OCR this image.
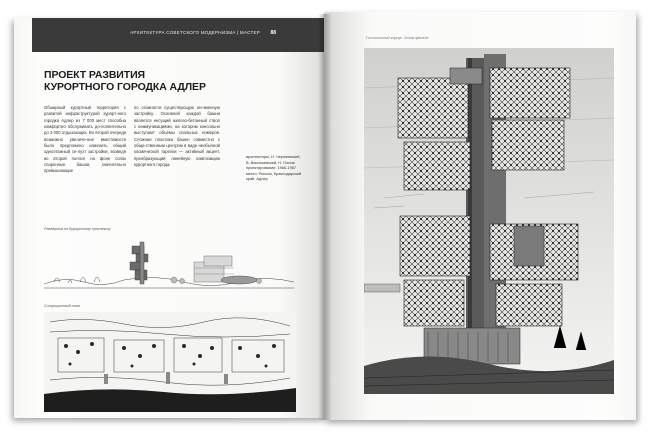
АРХИТЕКТУРА СОВЕТСКОГО МОДЕРНИЗМА | МАСТЕР 88
ПРОЕКТ РАЗВИТИЯ
КУРОРТНОГО ГОРОДКА АДЛЕР
Обширный курортный территория с развитой инфраструктурой курорт-ного городка Адлер из 7 000 мест способна комфортно обслуживать до-полнительно до 3 000 отдыхающих. Во второй очереди возможно увеличе-ние вместимости было предложено изменить общий одноэтажный се-лухт застройки, возведя во второй полосе на фоне сопок спаренные башни, значительно превышающие
по этажности существующую ни-зменную застройку. Основной каждой башни является несущий железо-бетонный ствол с коммуникациями, на котором консольно выступают объёмы спальных номеров. Сложная пластика башен совместно с общи-ственным центром в виде необычной космической тарелки — активный акцент, преобразующий линейную композицию курортного города.
архитекторы: Н. Черняевский,
В. Васильевский, Н. Попов
проектирование: 1966-1967
место: Россия, Краснодарский
край, Адлер
Развёртка по Курортному проспекту
Ситуационный план
Гостиничный корпус. Атом фасада
